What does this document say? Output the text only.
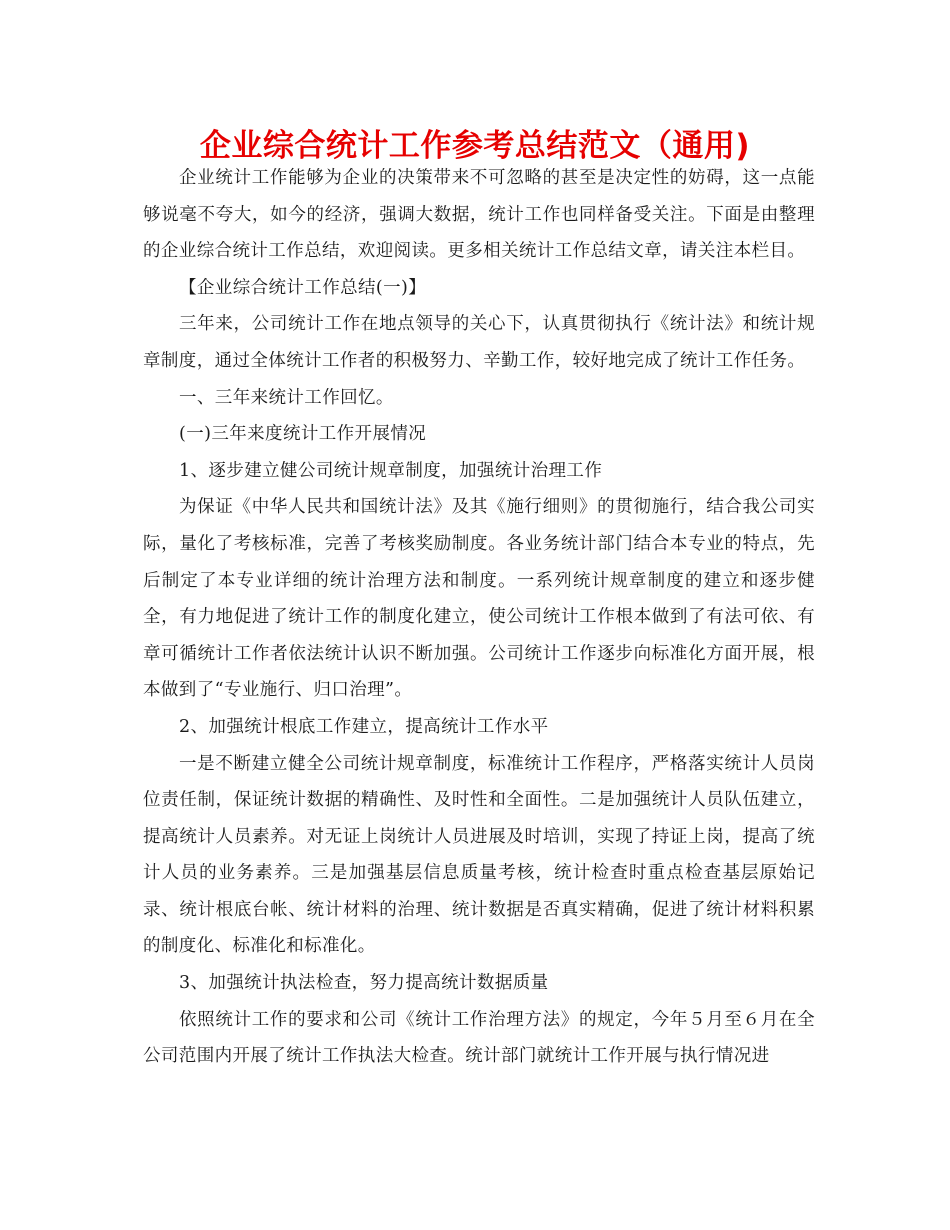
企业综合统计工作参考总结范文（通用)

企业统计工作能够为企业的决策带来不可忽略的甚至是决定性的妨碍，这一点能够说毫不夸大，如今的经济，强调大数据，统计工作也同样备受关注。下面是由整理的企业综合统计工作总结，欢迎阅读。更多相关统计工作总结文章，请关注本栏目。

【企业综合统计工作总结(一)】

三年来，公司统计工作在地点领导的关心下，认真贯彻执行《统计法》和统计规章制度，通过全体统计工作者的积极努力、辛勤工作，较好地完成了统计工作任务。

一、三年来统计工作回忆。

(一)三年来度统计工作开展情况

1、逐步建立健公司统计规章制度，加强统计治理工作

为保证《中华人民共和国统计法》及其《施行细则》的贯彻施行，结合我公司实际，量化了考核标准，完善了考核奖励制度。各业务统计部门结合本专业的特点，先后制定了本专业详细的统计治理方法和制度。一系列统计规章制度的建立和逐步健全，有力地促进了统计工作的制度化建立，使公司统计工作根本做到了有法可依、有章可循统计工作者依法统计认识不断加强。公司统计工作逐步向标准化方面开展，根本做到了“专业施行、归口治理”。

2、加强统计根底工作建立，提高统计工作水平

一是不断建立健全公司统计规章制度，标准统计工作程序，严格落实统计人员岗位责任制，保证统计数据的精确性、及时性和全面性。二是加强统计人员队伍建立，提高统计人员素养。对无证上岗统计人员进展及时培训，实现了持证上岗，提高了统计人员的业务素养。三是加强基层信息质量考核，统计检查时重点检查基层原始记录、统计根底台帐、统计材料的治理、统计数据是否真实精确，促进了统计材料积累的制度化、标准化和标准化。

3、加强统计执法检查，努力提高统计数据质量

依照统计工作的要求和公司《统计工作治理方法》的规定，今年５月至６月在全公司范围内开展了统计工作执法大检查。统计部门就统计工作开展与执行情况进
